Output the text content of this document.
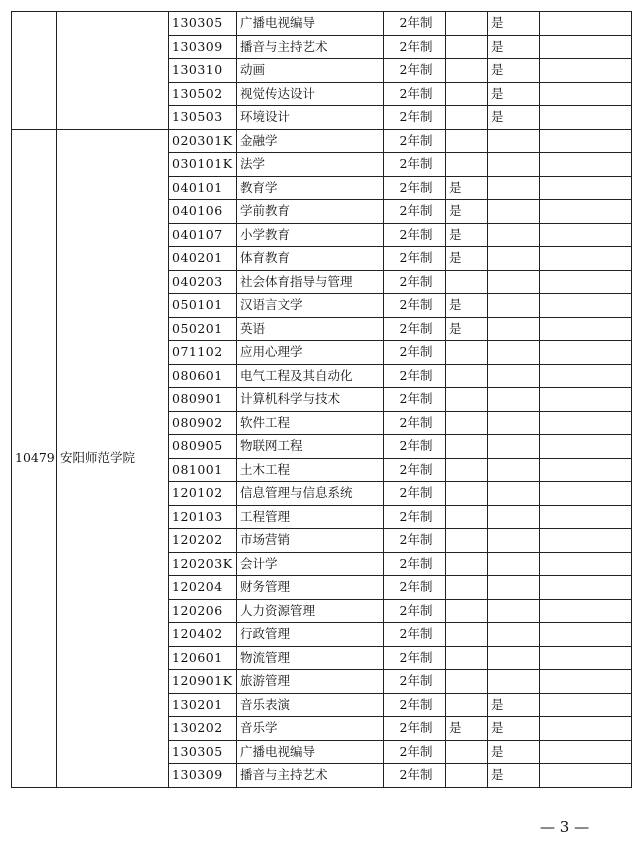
		130305	广播电视编导	2年制		是	
		130309	播音与主持艺术	2年制		是	
		130310	动画	2年制		是	
		130502	视觉传达设计	2年制		是	
		130503	环境设计	2年制		是	
10479	安阳师范学院	020301K	金融学	2年制			
		030101K	法学	2年制			
		040101	教育学	2年制	是		
		040106	学前教育	2年制	是		
		040107	小学教育	2年制	是		
		040201	体育教育	2年制	是		
		040203	社会体育指导与管理	2年制			
		050101	汉语言文学	2年制	是		
		050201	英语	2年制	是		
		071102	应用心理学	2年制			
		080601	电气工程及其自动化	2年制			
		080901	计算机科学与技术	2年制			
		080902	软件工程	2年制			
		080905	物联网工程	2年制			
		081001	土木工程	2年制			
		120102	信息管理与信息系统	2年制			
		120103	工程管理	2年制			
		120202	市场营销	2年制			
		120203K	会计学	2年制			
		120204	财务管理	2年制			
		120206	人力资源管理	2年制			
		120402	行政管理	2年制			
		120601	物流管理	2年制			
		120901K	旅游管理	2年制			
		130201	音乐表演	2年制		是	
		130202	音乐学	2年制	是	是	
		130305	广播电视编导	2年制		是	
		130309	播音与主持艺术	2年制		是	
— 3 —
